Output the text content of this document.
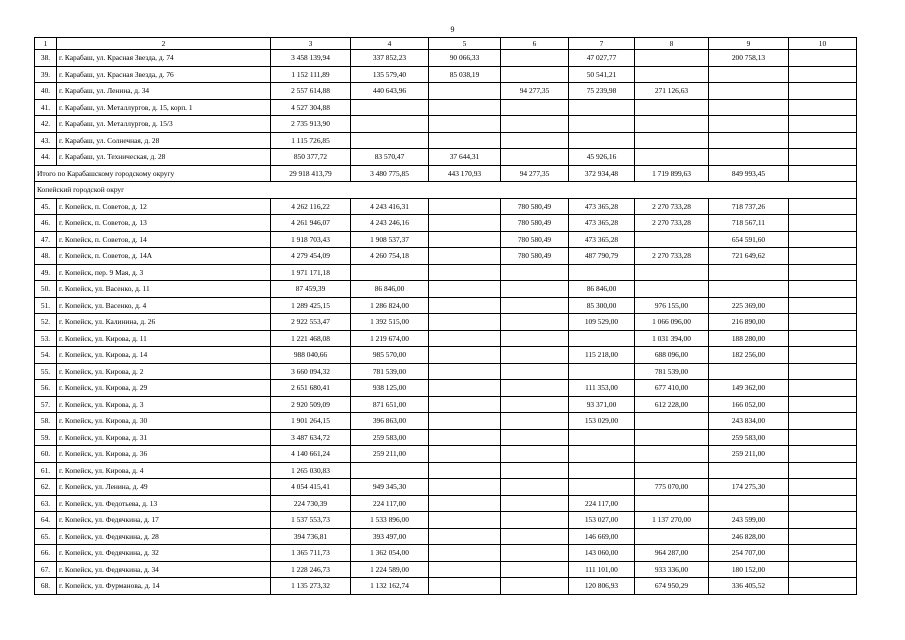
9
1	2	3	4	5	6	7	8	9	10
38.	г. Карабаш, ул. Красная Звезда, д. 74	3 458 139,94	337 852,23	90 066,33		47 027,77		200 758,13	
39.	г. Карабаш, ул. Красная Звезда, д. 76	1 152 111,89	135 579,40	85 038,19		50 541,21			
40.	г. Карабаш, ул. Ленина, д. 34	2 557 614,88	440 643,96		94 277,35	75 239,98	271 126,63		
41.	г. Карабаш, ул. Металлургов, д. 15, корп. 1	4 527 304,88							
42.	г. Карабаш, ул. Металлургов, д. 15/3	2 735 913,90							
43.	г. Карабаш, ул. Солнечная, д. 28	1 115 726,85							
44.	г. Карабаш, ул. Техническая, д. 28	850 377,72	83 570,47	37 644,31		45 926,16			
Итого по Карабашскому городскому округу		29 918 413,79	3 480 775,85	443 170,93	94 277,35	372 934,48	1 719 899,63	849 993,45	
Копейский городской округ									
45.	г. Копейск, п. Советов, д. 12	4 262 116,22	4 243 416,31		780 580,49	473 365,28	2 270 733,28	718 737,26	
46.	г. Копейск, п. Советов, д. 13	4 261 946,07	4 243 246,16		780 580,49	473 365,28	2 270 733,28	718 567,11	
47.	г. Копейск, п. Советов, д. 14	1 918 703,43	1 908 537,37		780 580,49	473 365,28		654 591,60	
48.	г. Копейск, п. Советов, д. 14А	4 279 454,09	4 260 754,18		780 580,49	487 790,79	2 270 733,28	721 649,62	
49.	г. Копейск, пер. 9 Мая, д. 3	1 971 171,18							
50.	г. Копейск, ул. Васенко, д. 11	87 459,39	86 846,00			86 846,00			
51.	г. Копейск, ул. Васенко, д. 4	1 289 425,15	1 286 824,00			85 300,00	976 155,00	225 369,00	
52.	г. Копейск, ул. Калинина, д. 26	2 922 553,47	1 392 515,00			109 529,00	1 066 096,00	216 890,00	
53.	г. Копейск, ул. Кирова, д. 11	1 221 468,08	1 219 674,00				1 031 394,00	188 280,00	
54.	г. Копейск, ул. Кирова, д. 14	988 040,66	985 570,00			115 218,00	688 096,00	182 256,00	
55.	г. Копейск, ул. Кирова, д. 2	3 660 094,32	781 539,00				781 539,00		
56.	г. Копейск, ул. Кирова, д. 29	2 651 680,41	938 125,00			111 353,00	677 410,00	149 362,00	
57.	г. Копейск, ул. Кирова, д. 3	2 920 509,09	871 651,00			93 371,00	612 228,00	166 052,00	
58.	г. Копейск, ул. Кирова, д. 30	1 901 264,15	396 863,00			153 029,00		243 834,00	
59.	г. Копейск, ул. Кирова, д. 31	3 487 634,72	259 583,00					259 583,00	
60.	г. Копейск, ул. Кирова, д. 36	4 140 661,24	259 211,00					259 211,00	
61.	г. Копейск, ул. Кирова, д. 4	1 265 030,83							
62.	г. Копейск, ул. Ленина, д. 49	4 054 415,41	949 345,30				775 070,00	174 275,30	
63.	г. Копейск, ул. Федотьева, д. 13	224 730,39	224 117,00			224 117,00			
64.	г. Копейск, ул. Федячкина, д. 17	1 537 553,73	1 533 896,00			153 027,00	1 137 270,00	243 599,00	
65.	г. Копейск, ул. Федячкина, д. 28	394 736,81	393 497,00			146 669,00		246 828,00	
66.	г. Копейск, ул. Федячкина, д. 32	1 365 711,73	1 362 054,00			143 060,00	964 287,00	254 707,00	
67.	г. Копейск, ул. Федячкина, д. 34	1 228 246,73	1 224 589,00			111 101,00	933 336,00	180 152,00	
68.	г. Копейск, ул. Фурманова, д. 14	1 135 273,32	1 132 162,74			120 806,93	674 950,29	336 405,52	
